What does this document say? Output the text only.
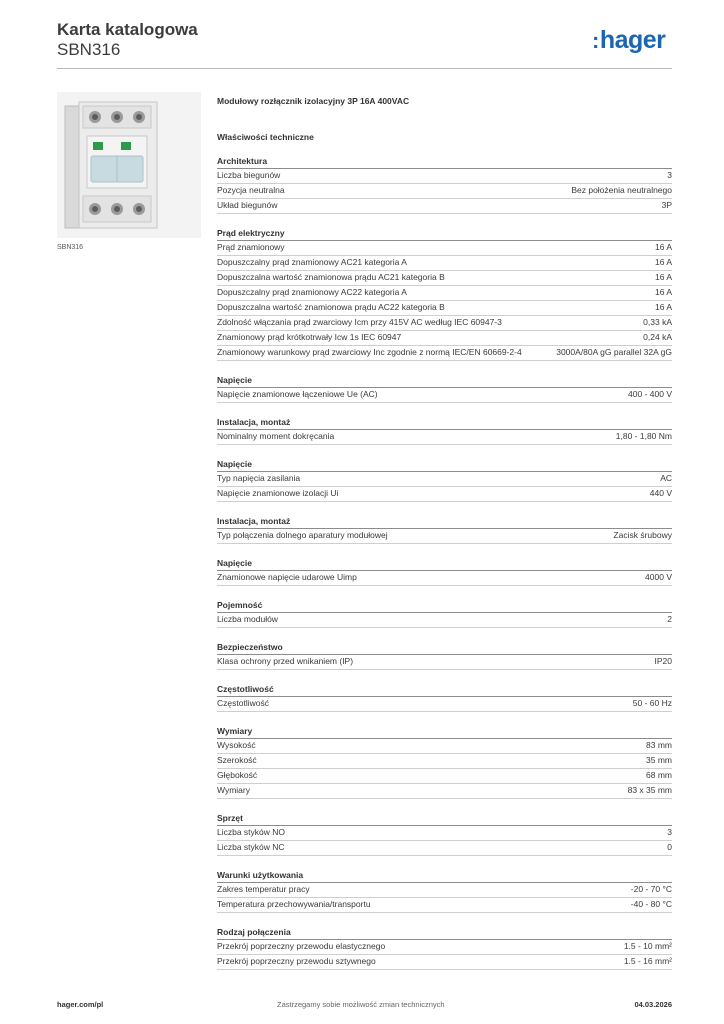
Karta katalogowa
SBN316	:hager
SBN316
Modułowy rozłącznik izolacyjny 3P 16A 400VAC
Właściwości techniczne
Architektura
Liczba biegunów	3
Pozycja neutralna	Bez położenia neutralnego
Układ biegunów	3P
Prąd elektryczny
Prąd znamionowy	16 A
Dopuszczalny prąd znamionowy AC21 kategoria A	16 A
Dopuszczalna wartość znamionowa prądu AC21 kategoria B	16 A
Dopuszczalny prąd znamionowy AC22 kategoria A	16 A
Dopuszczalna wartość znamionowa prądu AC22 kategoria B	16 A
Zdolność włączania prąd zwarciowy Icm przy 415V AC według IEC 60947-3	0,33 kA
Znamionowy prąd krótkotrwały Icw 1s IEC 60947	0,24 kA
Znamionowy warunkowy prąd zwarciowy Inc zgodnie z normą IEC/EN 60669-2-4	3000A/80A gG parallel 32A gG
Napięcie
Napięcie znamionowe łączeniowe Ue (AC)	400 - 400 V
Instalacja, montaż
Nominalny moment dokręcania	1,80 - 1,80 Nm
Napięcie
Typ napięcia zasilania	AC
Napięcie znamionowe izolacji Ui	440 V
Instalacja, montaż
Typ połączenia dolnego aparatury modułowej	Zacisk śrubowy
Napięcie
Znamionowe napięcie udarowe Uimp	4000 V
Pojemność
Liczba modułów	2
Bezpieczeństwo
Klasa ochrony przed wnikaniem (IP)	IP20
Częstotliwość
Częstotliwość	50 - 60 Hz
Wymiary
Wysokość	83 mm
Szerokość	35 mm
Głębokość	68 mm
Wymiary	83 x 35 mm
Sprzęt
Liczba styków NO	3
Liczba styków NC	0
Warunki użytkowania
Zakres temperatur pracy	-20 - 70 °C
Temperatura przechowywania/transportu	-40 - 80 °C
Rodzaj połączenia
Przekrój poprzeczny przewodu elastycznego	1.5 - 10 mm²
Przekrój poprzeczny przewodu sztywnego	1.5 - 16 mm²
hager.com/pl	Zastrzegamy sobie możliwość zmian technicznych	04.03.2026
